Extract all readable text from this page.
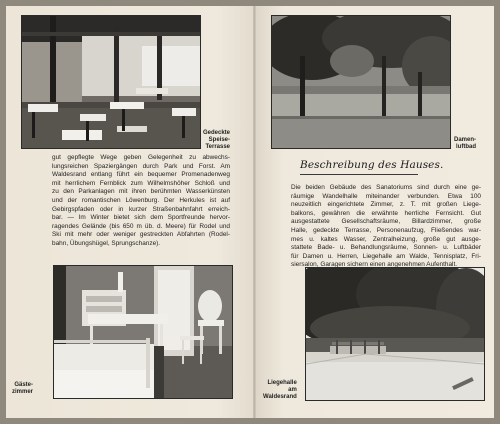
Gedeckte
Speise-
Terrasse
Damen-
luftbad
gut gepflegte Wege geben Gelegenheit zu abwechs-
lungsreichen Spaziergängen durch Park und Forst. Am
Waldesrand entlang führt ein bequemer Promenadenweg
mit herrlichem Fernblick zum Wilhelmshöher Schloß und
zu den Parkanlagen mit ihren berühmten Wasserkünsten
und der romantischen Löwenburg. Der Herkules ist auf
Gebirgspfaden oder in kurzer Straßenbahnfahrt erreich-
bar. — Im Winter bietet sich dem Sportfreunde hervor-
ragendes Gelände (bis 650 m üb. d. Meere) für Rodel und
Ski mit mehr oder weniger gestreckten Abfahrten (Rodel-
bahn, Übungshügel, Sprungschanze).
Beschreibung des Hauses.
Die beiden Gebäude des Sanatoriums sind durch eine ge-
räumige Wandelhalle miteinander verbunden. Etwa 100
neuzeitlich eingerichtete Zimmer, z. T. mit großen Liege-
balkons, gewähren die erwähnte herrliche Fernsicht. Gut
ausgestattete Gesellschaftsräume, Billardzimmer, große
Halle, gedeckte Terrasse, Personenaufzug, Fließendes war-
mes u. kaltes Wasser, Zentralheizung, große gut ausge-
stattete Bade- u. Behandlungsräume, Sonnen- u. Luftbäder
für Damen u. Herren, Liegehalle am Walde, Tennisplatz, Fri-
siersalon, Garagen sichern einen angenehmen Aufenthalt.
Gäste-
zimmer
Liegehalle
am
Waldesrand
